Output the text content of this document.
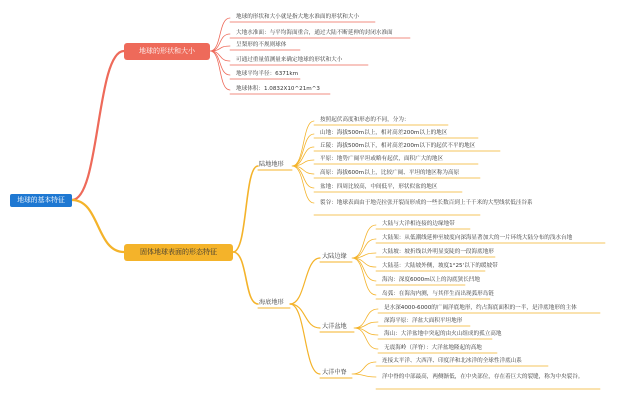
地球的基本特征
地球的形状和大小
固体地球表面的形态特征
地球的形状和大小就是指大地水准面的形状和大小
大地水准面：与平均海面重合，通过大陆不断延伸的封闭水准面
呈梨形的不规则球体
可通过重量值测量来确定地球的形状和大小
地球平均半径：6371km
地球体积：1.0832X10^21m^3
陆地地形
按照起伏高度和形态的不同，分为：
山地：海拔500m以上，相对高差200m以上的地区
丘陵：海拔500m以下，相对高差200m以下的起伏不平的地区
平原：地势广阔平坦或略有起伏，面积广大的地区
高原：海拔600m以上，比较广阔、平坦的地区称为高原
盆地：四周比较高，中间低平，形状似盆的地区
裂谷：地球表面由于地壳拉张开裂而形成的一些长数百到上千千米的大型线状低洼谷系
海底地形
大陆边缘
大洋盆地
大洋中脊
大陆与大洋相连接的边缘地带
大陆架：从低潮线延伸至坡度向深海显著加大的一片环绕大陆分布的浅水台地
大陆坡：坡折线以外明显变陡的一段海底地形
大陆基：大陆坡外侧，坡度1°25'以下的缓坡带
海沟：深度6000m以上的沟底狭长凹地
岛弧：在海沟内测，与其伴生而出现弧形岛链
是水深4000-6000的广阔洋底地形，约占海底面积的一半，是洋底地形的主体
深海平原：洋盆大面积平坦地形
海山：大洋盆地中突起的由火山组成的孤立高地
无震海岭（洋脊）：大洋盆地隆起的高地
连接太平洋、大西洋、印度洋和北冰洋的全球性洋底山系
洋中脊的中部最高，两侧渐低，在中央部位，存在着巨大的裂缝，称为中央裂谷。
